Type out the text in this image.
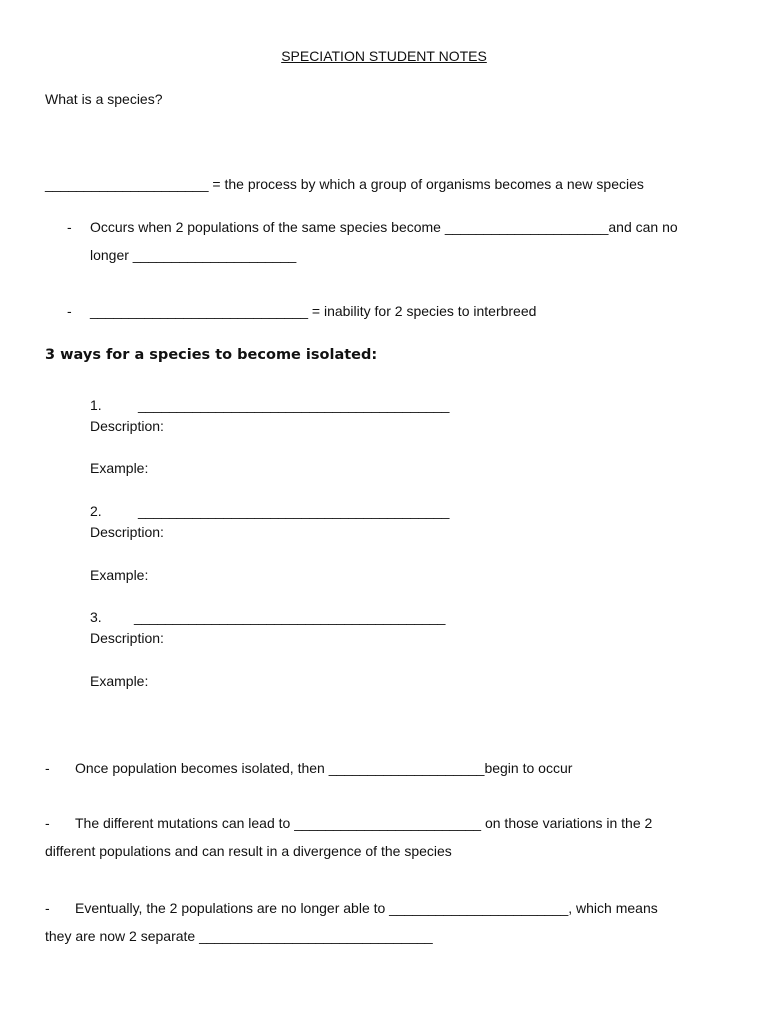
SPECIATION STUDENT NOTES
What is a species?
_____________________ = the process by which a group of organisms becomes a new species
-	Occurs when 2 populations of the same species become _____________________and can no
longer _____________________
-	____________________________ = inability for 2 species to interbreed
3 ways for a species to become isolated:
1.	________________________________________
Description:
Example:
2.	________________________________________
Description:
Example:
3. ________________________________________
Description:
Example:
-	Once population becomes isolated, then ____________________begin to occur
-	The different mutations can lead to ________________________ on those variations in the 2
different populations and can result in a divergence of the species
-	Eventually, the 2 populations are no longer able to _______________________, which means
they are now 2 separate ______________________________
